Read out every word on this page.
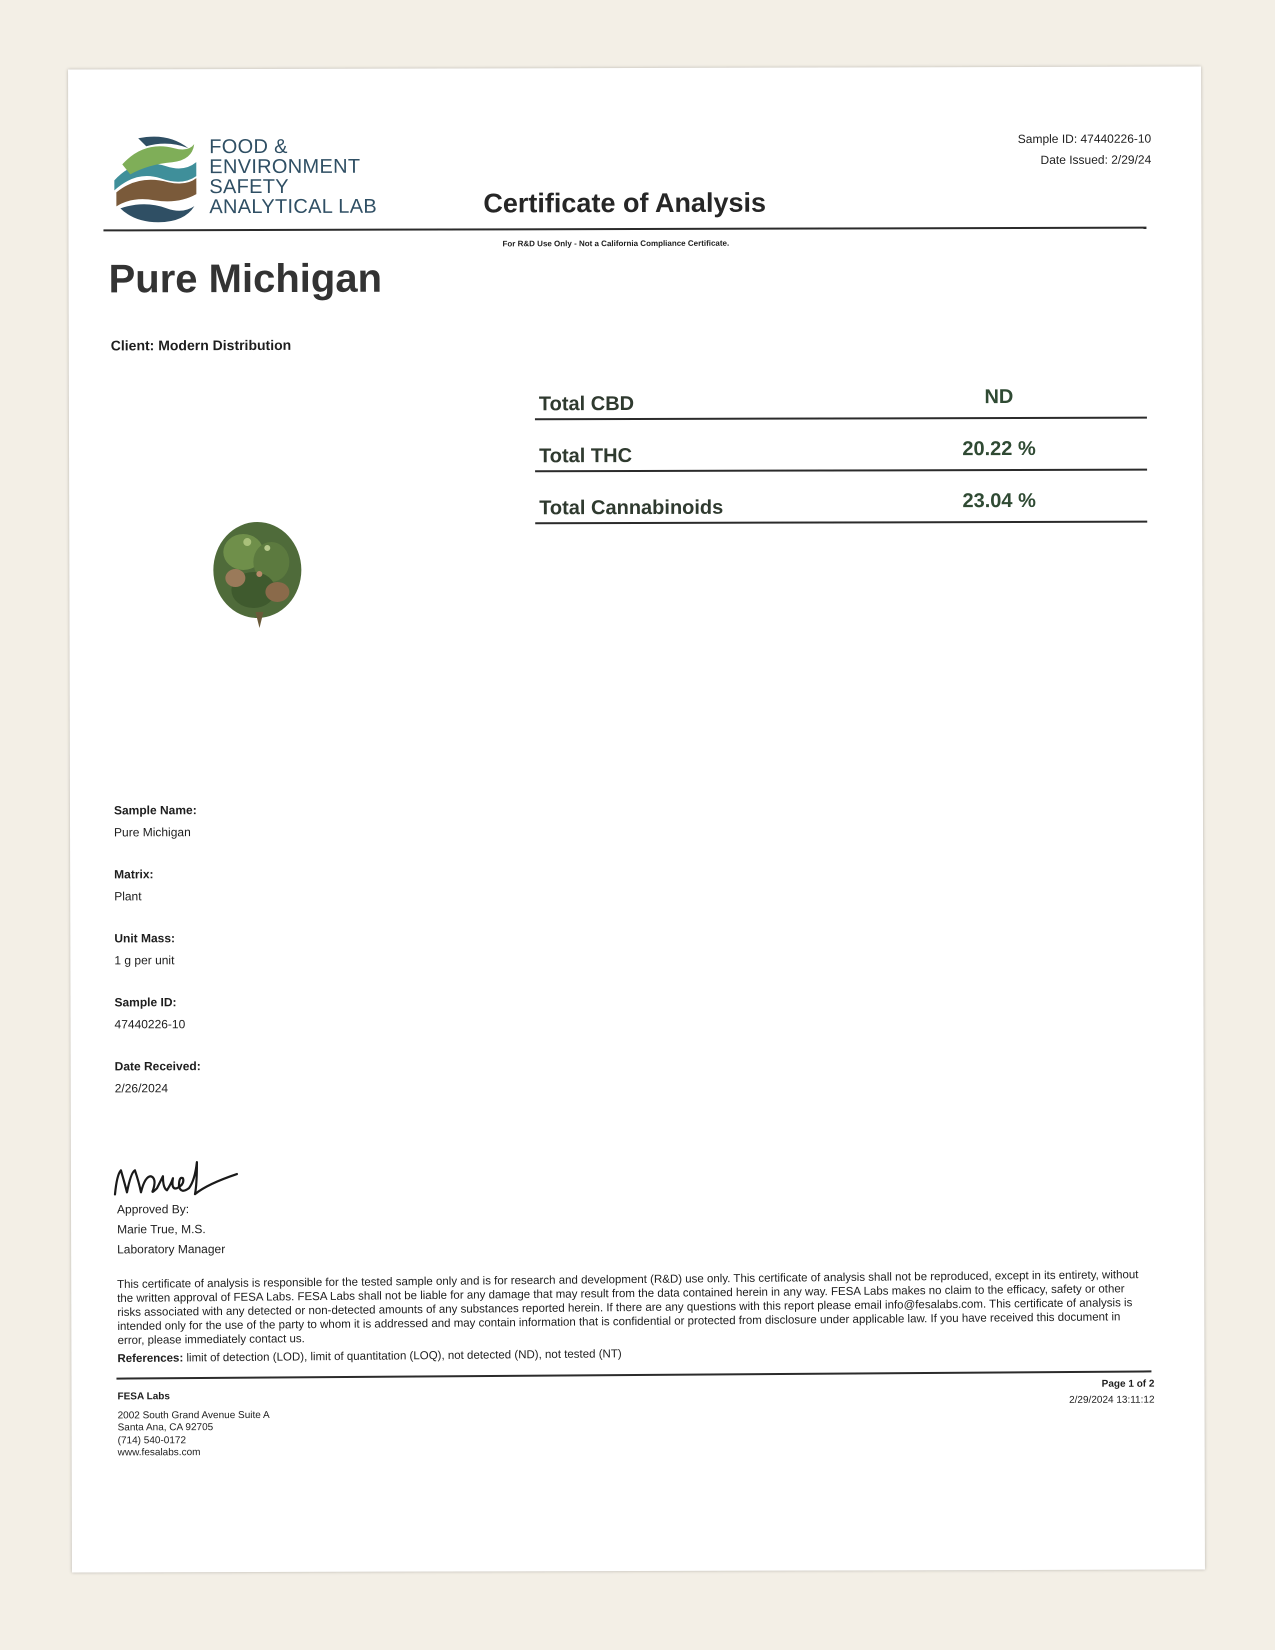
FOOD &
ENVIRONMENT
SAFETY
ANALYTICAL LAB
Sample ID: 47440226-10
Date Issued: 2/29/24
Certificate of Analysis
For R&D Use Only - Not a California Compliance Certificate.
Pure Michigan
Client: Modern Distribution
Total CBD	ND
Total THC	20.22 %
Total Cannabinoids	23.04 %
Sample Name:
Pure Michigan
Matrix:
Plant
Unit Mass:
1 g per unit
Sample ID:
47440226-10
Date Received:
2/26/2024
Approved By:
Marie True, M.S.
Laboratory Manager
This certificate of analysis is responsible for the tested sample only and is for research and development (R&D) use only. This certificate of analysis shall not be reproduced, except in its entirety, without the written approval of FESA Labs. FESA Labs shall not be liable for any damage that may result from the data contained herein in any way. FESA Labs makes no claim to the efficacy, safety or other risks associated with any detected or non-detected amounts of any substances reported herein. If there are any questions with this report please email info@fesalabs.com. This certificate of analysis is intended only for the use of the party to whom it is addressed and may contain information that is confidential or protected from disclosure under applicable law. If you have received this document in error, please immediately contact us.
References: limit of detection (LOD), limit of quantitation (LOQ), not detected (ND), not tested (NT)
FESA Labs
2002 South Grand Avenue Suite A
Santa Ana, CA 92705
(714) 540-0172
www.fesalabs.com
Page 1 of 2
2/29/2024 13:11:12
